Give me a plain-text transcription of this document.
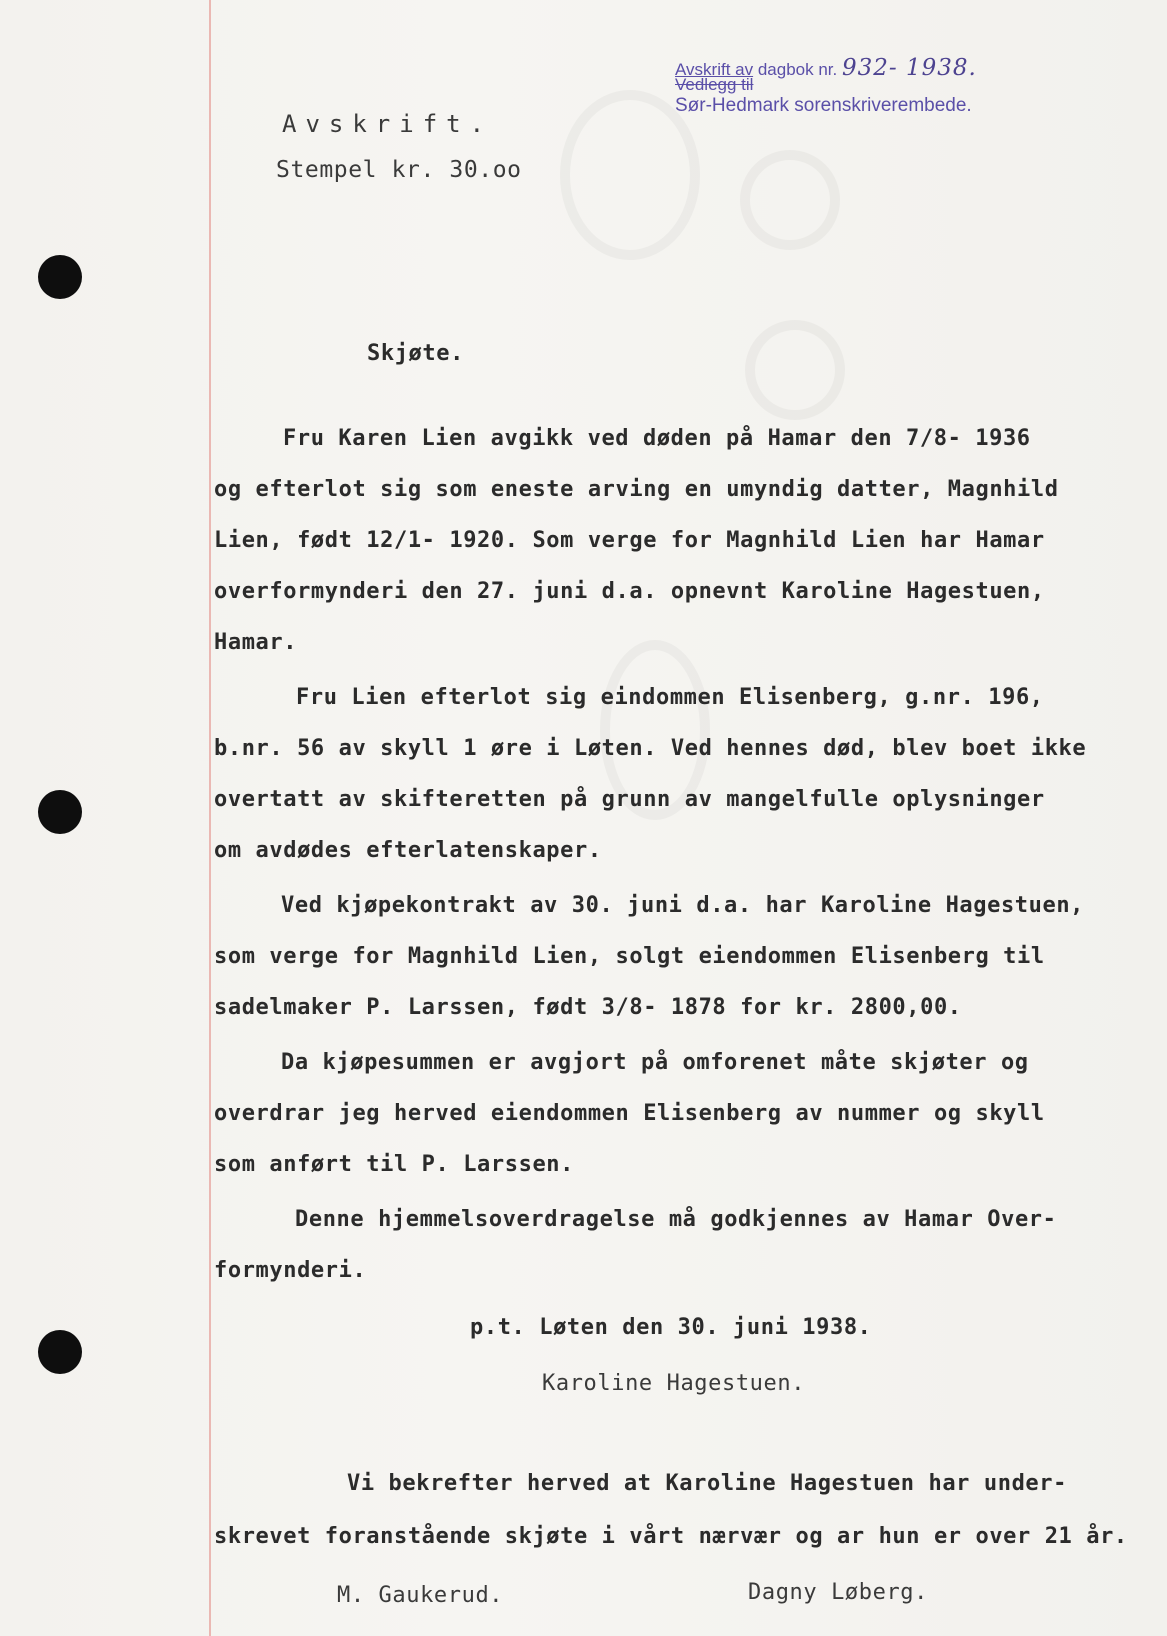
Avskrift av dagbok nr. 932- 1938.
Vedlegg til
Sør-Hedmark sorenskriverembede.
Avskrift.
Stempel kr. 30.oo
Skjøte.
Fru Karen Lien avgikk ved døden på Hamar den 7/8- 1936
og efterlot sig som eneste arving en umyndig datter, Magnhild
Lien, født 12/1- 1920. Som verge for Magnhild Lien har Hamar
overformynderi den 27. juni d.a. opnevnt Karoline Hagestuen,
Hamar.
Fru Lien efterlot sig eindommen Elisenberg, g.nr. 196,
b.nr. 56 av skyll 1 øre i Løten. Ved hennes død, blev boet ikke
overtatt av skifteretten på grunn av mangelfulle oplysninger
om avdødes efterlatenskaper.
Ved kjøpekontrakt av 30. juni d.a. har Karoline Hagestuen,
som verge for Magnhild Lien, solgt eiendommen Elisenberg til
sadelmaker P. Larssen, født 3/8- 1878 for kr. 2800,00.
Da kjøpesummen er avgjort på omforenet måte skjøter og
overdrar jeg herved eiendommen Elisenberg av nummer og skyll
som anført til P. Larssen.
Denne hjemmelsoverdragelse må godkjennes av Hamar Over-
formynderi.
p.t. Løten den 30. juni 1938.
Karoline Hagestuen.
Vi bekrefter herved at Karoline Hagestuen har under-
skrevet foranstående skjøte i vårt nærvær og ar hun er over 21 år.
M. Gaukerud.	Dagny Løberg.
